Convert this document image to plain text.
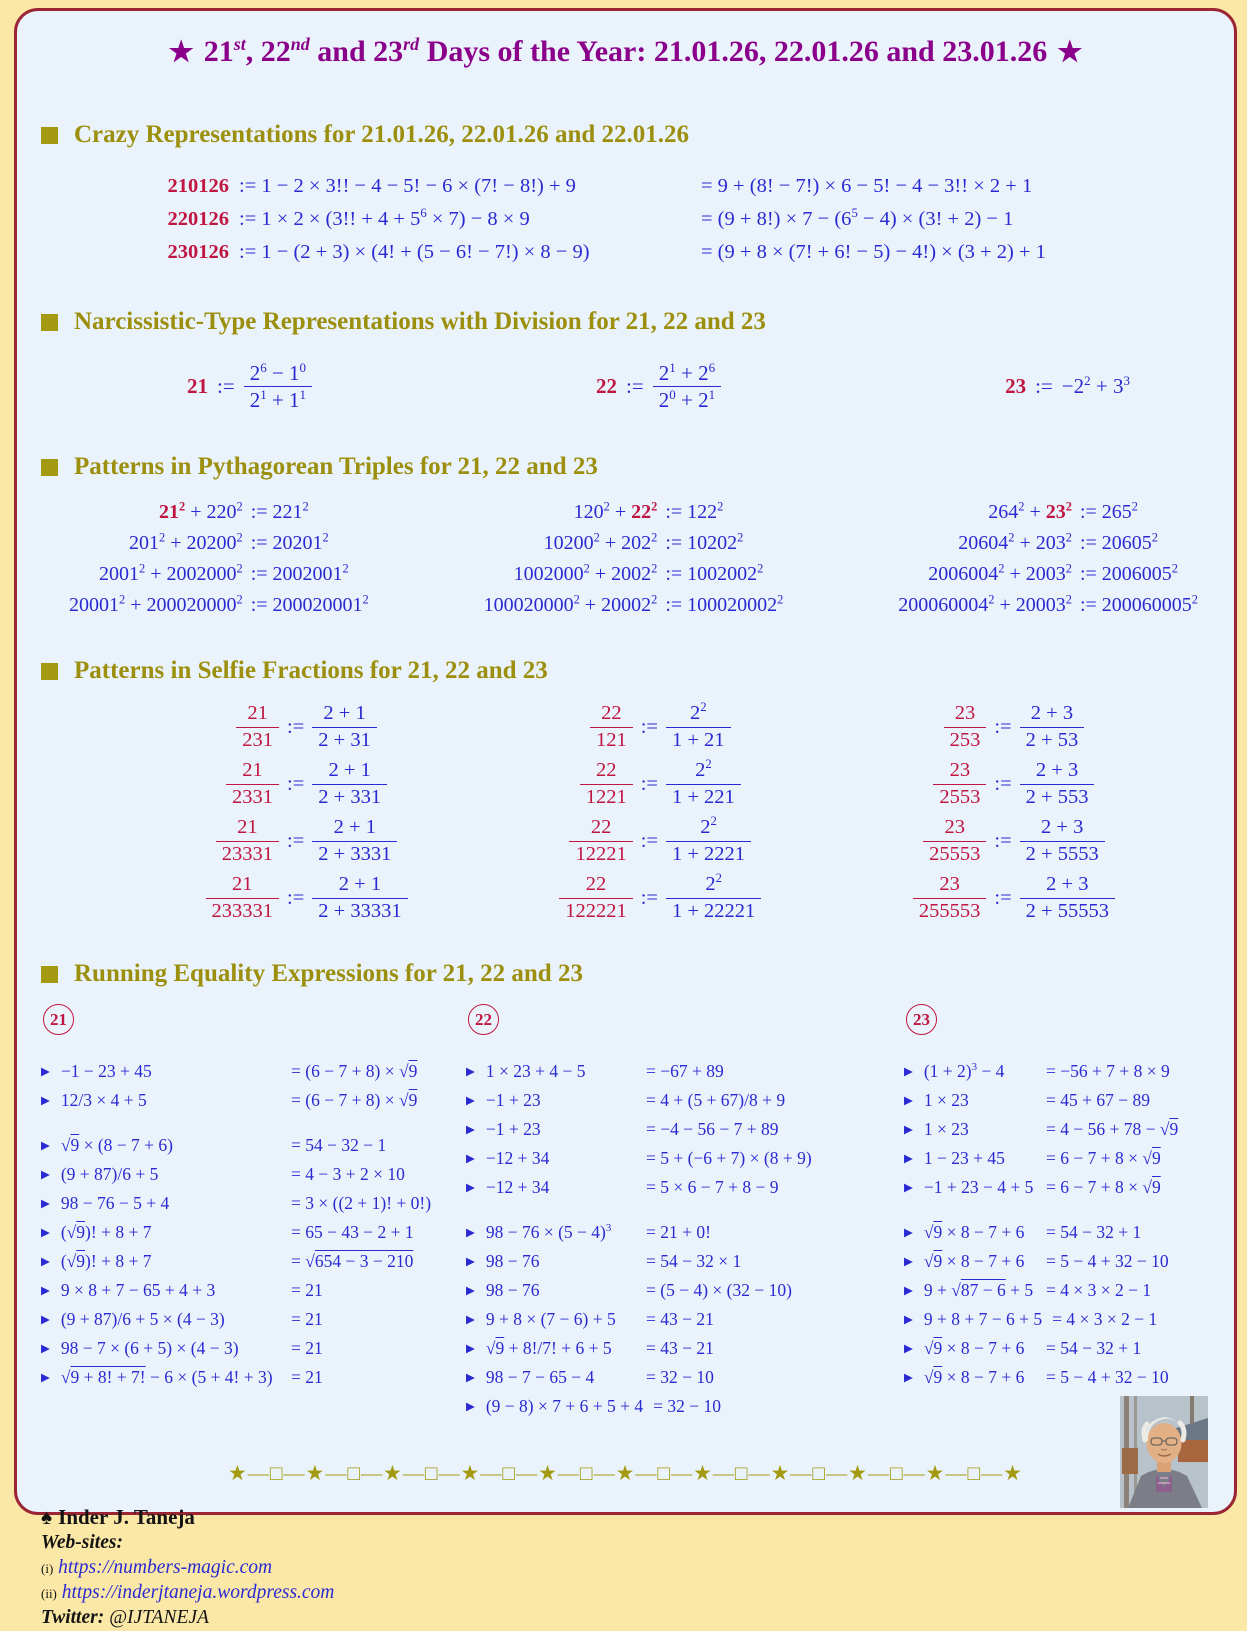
★ 21st, 22nd and 23rd Days of the Year: 21.01.26, 22.01.26 and 23.01.26 ★
Crazy Representations for 21.01.26, 22.01.26 and 22.01.26
210126 := 1 − 2 × 3!! − 4 − 5! − 6 × (7! − 8!) + 9	= 9 + (8! − 7!) × 6 − 5! − 4 − 3!! × 2 + 1
220126 := 1 × 2 × (3!! + $4 + 5^6 \times 7) - 8 \times 9$	= $(9 + 8!) \times 7 - (6^5 - 4) \times (3$! + 2) − 1
230126 := 1 − (2 + 3) × (4! + (5 − 6! − 7!) × 8 − 9)	= (9 + 8 × (7! + 6! − 5) − 4!) × (3 + 2) + 1
Narcissistic-Type Representations with Division for 21, 22 and 23
21 := $\frac{2^6 - 1^0}{2^1 + 1^1}$	22 := $\frac{2^1 + 2^6}{2^0 + 2^1}$	23 := $-2^2 + 3^3$
Patterns in Pythagorean Triples for 21, 22 and 23
$21^2 + 220^2$ := $221^2$
$201^2 + 20200^2$ := $20201^2$
$2001^2 + 2002000^2$ := $2002001^2$
$20001^2 + 200020000^2$ := $200020001^2$
$120^2 + 22^2$ := $122^2$
$10200^2 + 202^2$ := $10202^2$
$1002000^2 + 2002^2$ := $1002002^2$
$100020000^2 + 20002^2$ := $100020002^2$
$264^2 + 23^2$ := $265^2$
$20604^2 + 203^2$ := $20605^2$
$2006004^2 + 2003^2$ := $2006005^2$
$200060004^2 + 20003^2$ := $200060005^2$
Patterns in Selfie Fractions for 21, 22 and 23
$\frac{21}{231}$ := $\frac{2 + 1}{2 + 31}$
$\frac{21}{2331}$ := $\frac{2 + 1}{2 + 331}$
$\frac{21}{23331}$ := $\frac{2 + 1}{2 + 3331}$
$\frac{21}{233331}$ := $\frac{2 + 1}{2 + 33331}$
$\frac{22}{121}$ := $\frac{2^2}{1 + 21}$
$\frac{22}{1221}$ := $\frac{2^2}{1 + 221}$
$\frac{22}{12221}$ := $\frac{2^2}{1 + 2221}$
$\frac{22}{122221}$ := $\frac{2^2}{1 + 22221}$
$\frac{23}{253}$ := $\frac{2 + 3}{2 + 53}$
$\frac{23}{2553}$ := $\frac{2 + 3}{2 + 553}$
$\frac{23}{25553}$ := $\frac{2 + 3}{2 + 5553}$
$\frac{23}{255553}$ := $\frac{2 + 3}{2 + 55553}$
Running Equality Expressions for 21, 22 and 23
21
▶ −1 − 23 + 45	= (6 − 7 + 8) × √9
▶ 12/3 × 4 + 5	= (6 − 7 + 8) × √9
▶ √9 × (8 − 7 + 6)	= 54 − 32 − 1
▶ (9 + 87)/6 + 5	= 4 − 3 + 2 × 10
▶ 98 − 76 − 5 + 4	= 3 × ((2 + 1)! + 0!)
▶ (√9)! + 8 + 7	= 65 − 43 − 2 + 1
▶ (√9)! + 8 + 7	= √654 − 3 − 210
▶ 9 × 8 + 7 − 65 + 4 + 3	= 21
▶ (9 + 87)/6 + 5 × (4 − 3)	= 21
▶ 98 − 7 × (6 + 5) × (4 − 3)	= 21
▶ √9 + 8! + 7! − 6 × (5 + 4! + 3) = 21
22
▶ 1 × 23 + 4 − 5	= −67 + 89
▶ −1 + 23	= 4 + (5 + 67)/8 + 9
▶ −1 + 23	= −4 − 56 − 7 + 89
▶ −12 + 34	= 5 + (−6 + 7) × (8 + 9)
▶ −12 + 34	= 5 × 6 − 7 + 8 − 9
▶ $98 - 76 \times (5 - 4)^3 = 21 + 0$!
▶ 98 − 76	= 54 − 32 × 1
▶ 98 − 76	= (5 − 4) × (32 − 10)
▶ 9 + 8 × (7 − 6) + 5 = 43 − 21
▶ √9 + 8!/7! + 6 + 5 = 43 − 21
▶ 98 − 7 − 65 − 4	= 32 − 10
▶ (9 − 8) × 7 + 6 + 5 + 4 = 32 − 10
23
▶ $(1 + 2)^3 - 4 = -56 + 7 + 8 \times 9$
▶ 1 × 23	= 45 + 67 − 89
▶ 1 × 23	= 4 − 56 + 78 − √9
▶ 1 − 23 + 45 = 6 − 7 + 8 × √9
▶ −1 + 23 − 4 + 5 = 6 − 7 + 8 × √9
▶ √9 × 8 − 7 + 6 = 54 − 32 + 1
▶ √9 × 8 − 7 + 6 = 5 − 4 + 32 − 10
▶ 9 + √87 − 6 + 5 = 4 × 3 × 2 − 1
▶ 9 + 8 + 7 − 6 + 5 = 4 × 3 × 2 − 1
▶ √9 × 8 − 7 + 6 = 54 − 32 + 1
▶ √9 × 8 − 7 + 6 = 5 − 4 + 32 − 10
★—□—★—□—★—□—★—□—★—□—★—□—★—□—★—□—★—□—★—□—★
♠ Inder J. Taneja
Web-sites:
(i) https://numbers-magic.com
(ii) https://inderjtaneja.wordpress.com
Twitter: @IJTANEJA
